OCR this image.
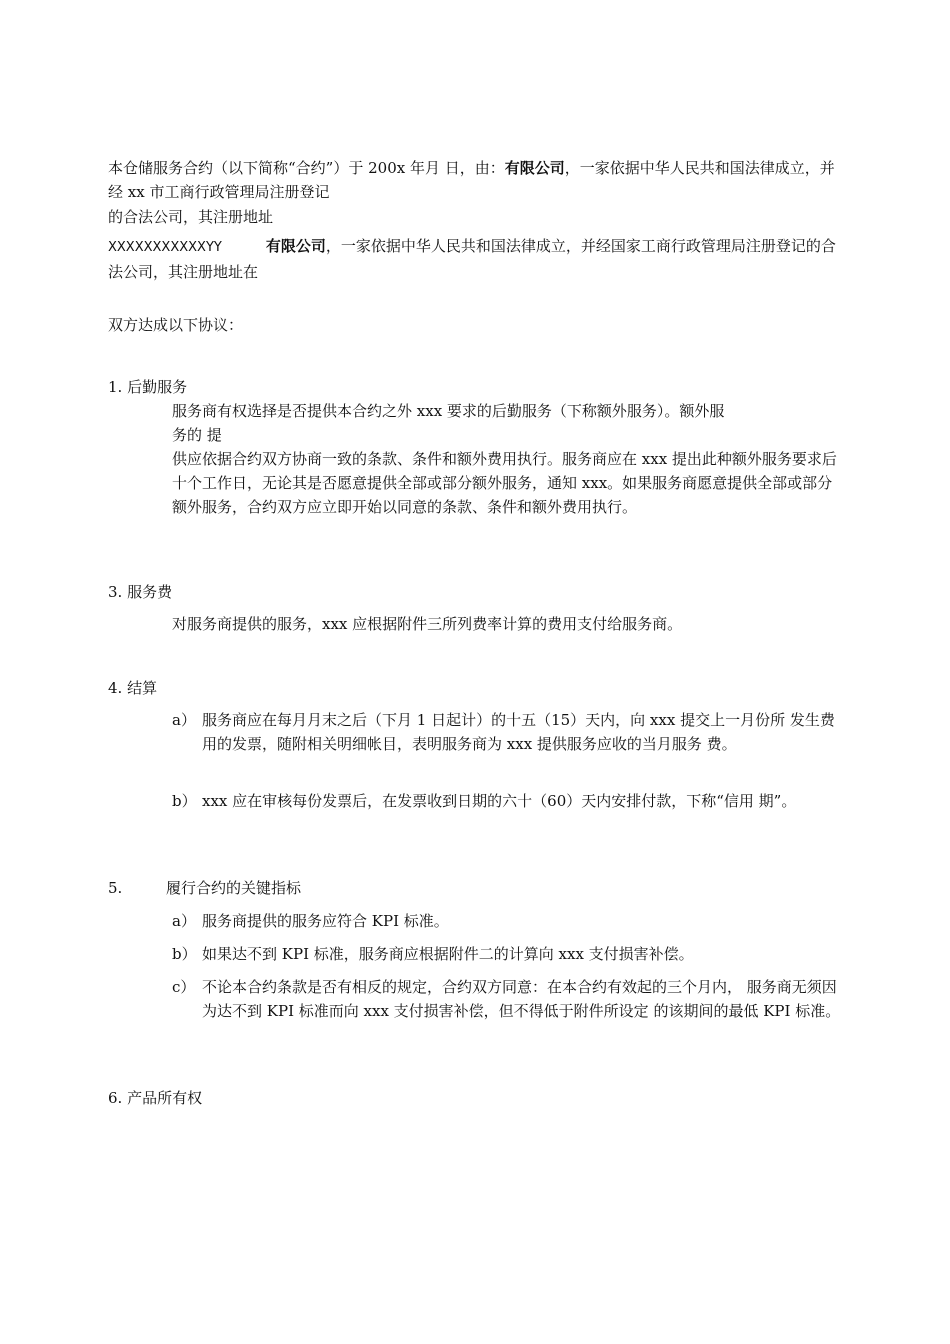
本仓储服务合约（以下简称“合约”）于 200x 年月 日，由：有限公司，一家依据中华人民共和国法律成立，并经 xx 市工商行政管理局注册登记
的合法公司，其注册地址
XXXXXXXXXXXYY	有限公司，一家依据中华人民共和国法律成立，并经国家工商行政管理局注册登记的合法公司，其注册地址在
双方达成以下协议：
1. 后勤服务
服务商有权选择是否提供本合约之外 xxx 要求的后勤服务（下称额外服务）。额外服
务的 提
供应依据合约双方协商一致的条款、条件和额外费用执行。服务商应在 xxx 提出此种额外服务要求后十个工作日，无论其是否愿意提供全部或部分额外服务，通知 xxx。如果服务商愿意提供全部或部分额外服务，合约双方应立即开始以同意的条款、条件和额外费用执行。
3. 服务费
对服务商提供的服务，xxx 应根据附件三所列费率计算的费用支付给服务商。
4. 结算
a） 服务商应在每月月末之后（下月 1 日起计）的十五（15）天内，向 xxx 提交上一月份所 发生费用的发票，随附相关明细帐目，表明服务商为 xxx 提供服务应收的当月服务 费。
b） xxx 应在审核每份发票后，在发票收到日期的六十（60）天内安排付款，下称“信用 期”。
5.	履行合约的关键指标
a） 服务商提供的服务应符合 KPI 标准。
b） 如果达不到 KPI 标准，服务商应根据附件二的计算向 xxx 支付损害补偿。
c） 不论本合约条款是否有相反的规定，合约双方同意：在本合约有效起的三个月内， 服务商无须因为达不到 KPI 标准而向 xxx 支付损害补偿，但不得低于附件所设定 的该期间的最低 KPI 标准。
6. 产品所有权
